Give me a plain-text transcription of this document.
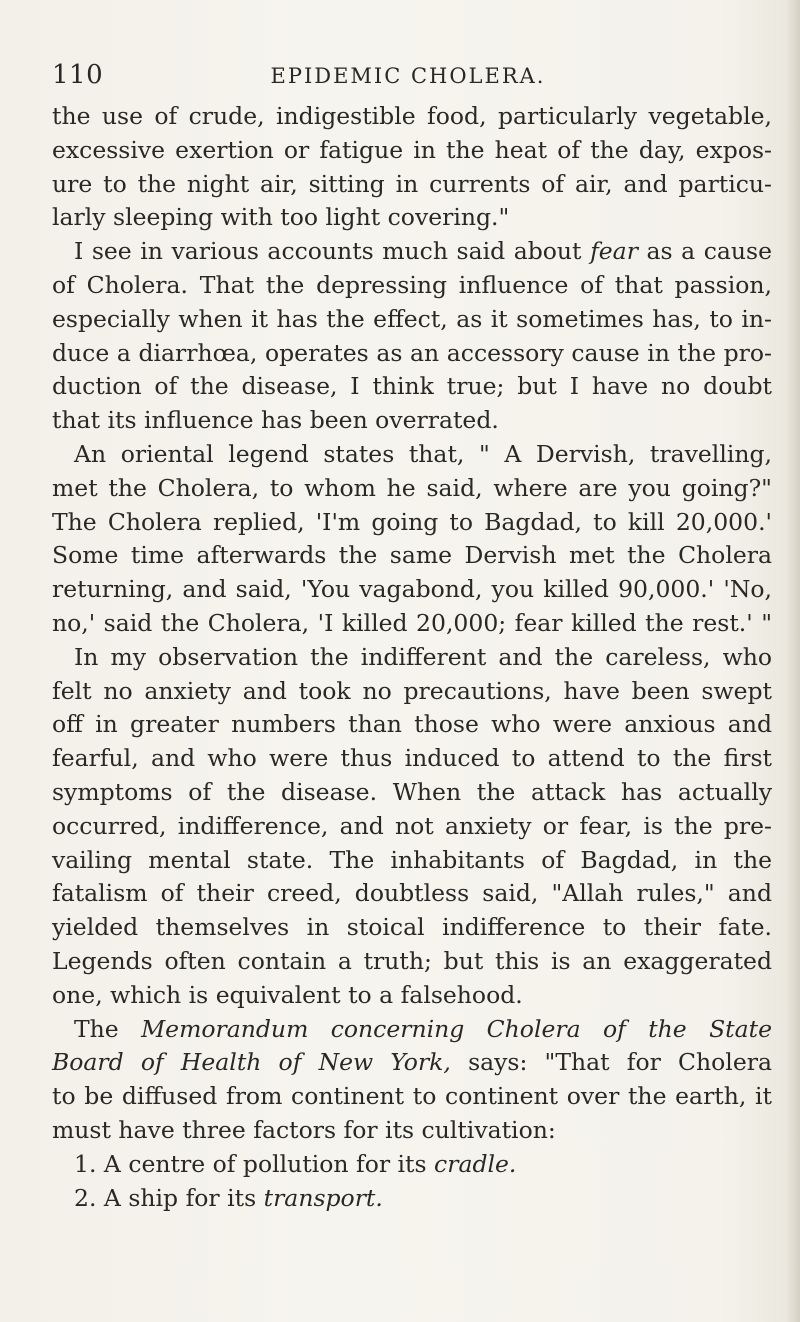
110	EPIDEMIC CHOLERA.
the use of crude, indigestible food, particularly vegetable,
excessive exertion or fatigue in the heat of the day, expos-
ure to the night air, sitting in currents of air, and particu-
larly sleeping with too light covering."
I see in various accounts much said about fear as a cause
of Cholera. That the depressing influence of that passion,
especially when it has the effect, as it sometimes has, to in-
duce a diarrhœa, operates as an accessory cause in the pro-
duction of the disease, I think true; but I have no doubt
that its influence has been overrated.
An oriental legend states that, " A Dervish, travelling,
met the Cholera, to whom he said, where are you going?"
The Cholera replied, 'I'm going to Bagdad, to kill 20,000.'
Some time afterwards the same Dervish met the Cholera
returning, and said, 'You vagabond, you killed 90,000.' 'No,
no,' said the Cholera, 'I killed 20,000; fear killed the rest.' "
In my observation the indifferent and the careless, who
felt no anxiety and took no precautions, have been swept
off in greater numbers than those who were anxious and
fearful, and who were thus induced to attend to the first
symptoms of the disease. When the attack has actually
occurred, indifference, and not anxiety or fear, is the pre-
vailing mental state. The inhabitants of Bagdad, in the
fatalism of their creed, doubtless said, "Allah rules," and
yielded themselves in stoical indifference to their fate.
Legends often contain a truth; but this is an exaggerated
one, which is equivalent to a falsehood.
The Memorandum concerning Cholera of the State
Board of Health of New York, says: "That for Cholera
to be diffused from continent to continent over the earth, it
must have three factors for its cultivation:
1. A centre of pollution for its cradle.
2. A ship for its transport.
